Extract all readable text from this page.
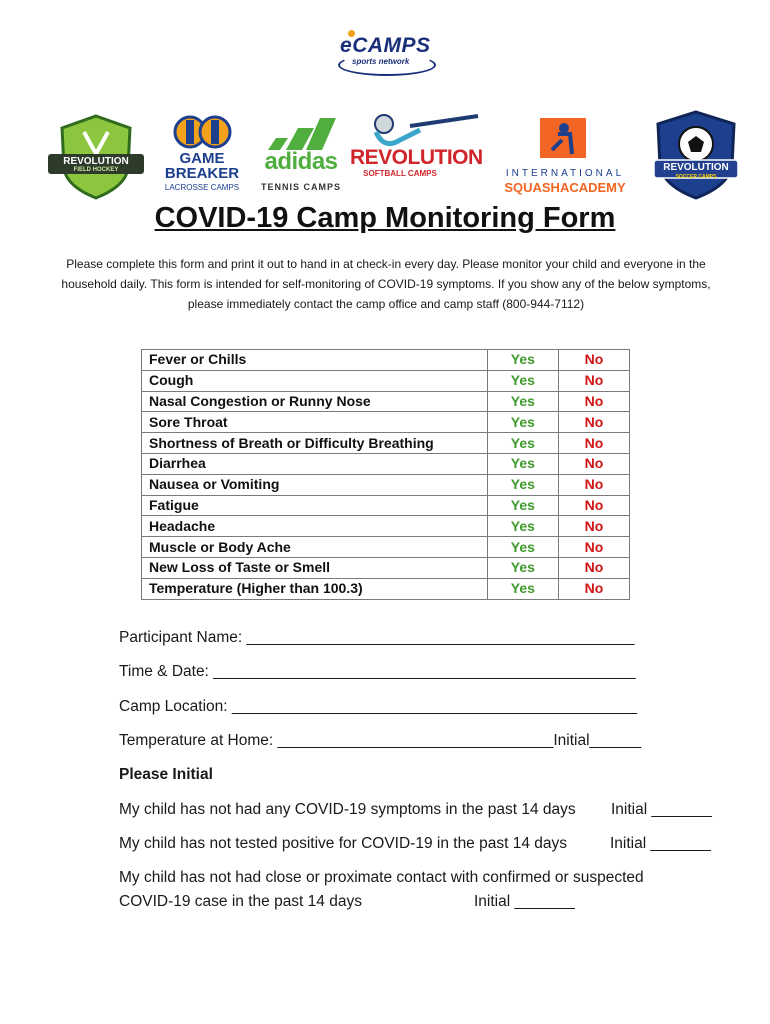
eCAMPS
sports network
REVOLUTION
FIELD HOCKEY
GAME
BREAKER
LACROSSE CAMPS
adidas
TENNIS CAMPS
REVOLUTION
SOFTBALL CAMPS	INTERNATIONAL
SQUASHACADEMY
REVOLUTION
SOCCER CAMPS
COVID-19 Camp Monitoring Form
Please complete this form and print it out to hand in at check-in every day. Please monitor your child and everyone in the
household daily. This form is intended for self-monitoring of COVID-19 symptoms. If you show any of the below symptoms,
please immediately contact the camp office and camp staff (800-944-7112)
Fever or Chills	Yes	No
Cough	Yes	No
Nasal Congestion or Runny Nose	Yes	No
Sore Throat	Yes	No
Shortness of Breath or Difficulty Breathing	Yes	No
Diarrhea	Yes	No
Nausea or Vomiting	Yes	No
Fatigue	Yes	No
Headache	Yes	No
Muscle or Body Ache	Yes	No
New Loss of Taste or Smell	Yes	No
Temperature (Higher than 100.3)	Yes	No
Participant Name: _____________________________________________
Time & Date: _________________________________________________
Camp Location: _______________________________________________
Temperature at Home: ________________________________Initial______
Please Initial
My child has not had any COVID-19 symptoms in the past 14 days Initial _______
My child has not tested positive for COVID-19 in the past 14 days	Initial _______
My child has not had close or proximate contact with confirmed or suspected
COVID-19 case in the past 14 days	Initial _______
